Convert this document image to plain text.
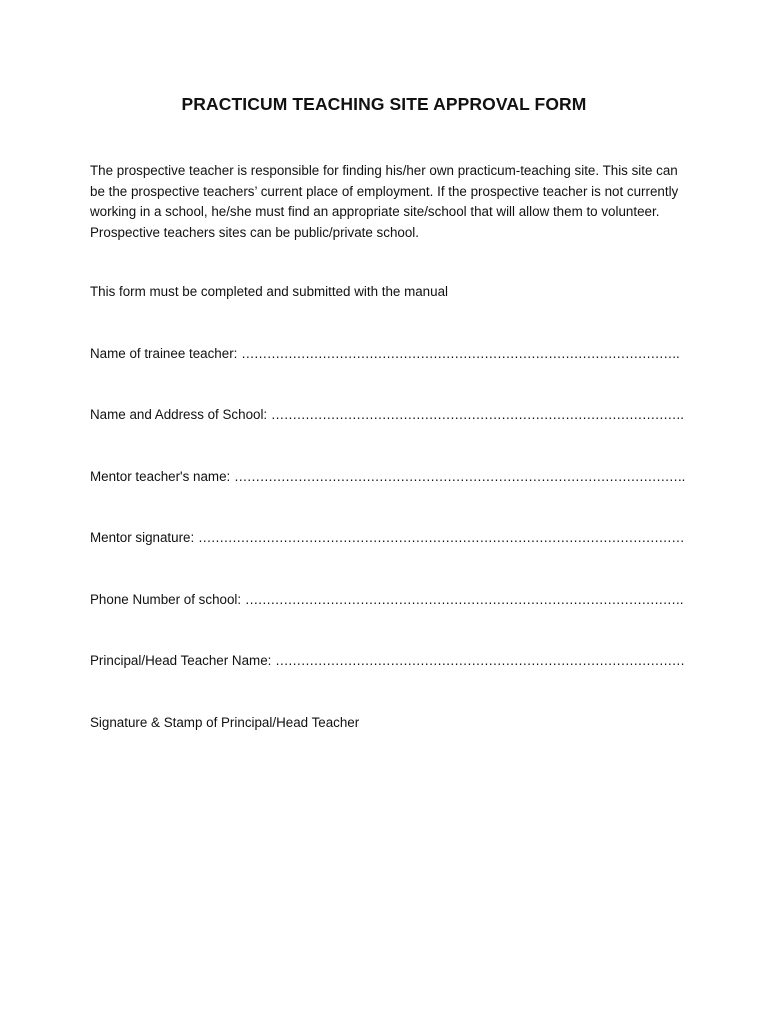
PRACTICUM TEACHING SITE APPROVAL FORM

The prospective teacher is responsible for finding his/her own practicum-teaching site. This site can be the prospective teachers’ current place of employment. If the prospective teacher is not currently working in a school, he/she must find an appropriate site/school that will allow them to volunteer. Prospective teachers sites can be public/private school.

This form must be completed and submitted with the manual

Name of trainee teacher: ………………………………………………………………………………………….

Name and Address of School: …………………………………………………………………………………….

Mentor teacher's name: …………………………………………………………………………………………….

Mentor signature: ……………………………………………………………………………………………………

Phone Number of school: ………………………………………………………………………………………….

Principal/Head Teacher Name: ……………………………………………………………………………………

Signature & Stamp of Principal/Head Teacher
